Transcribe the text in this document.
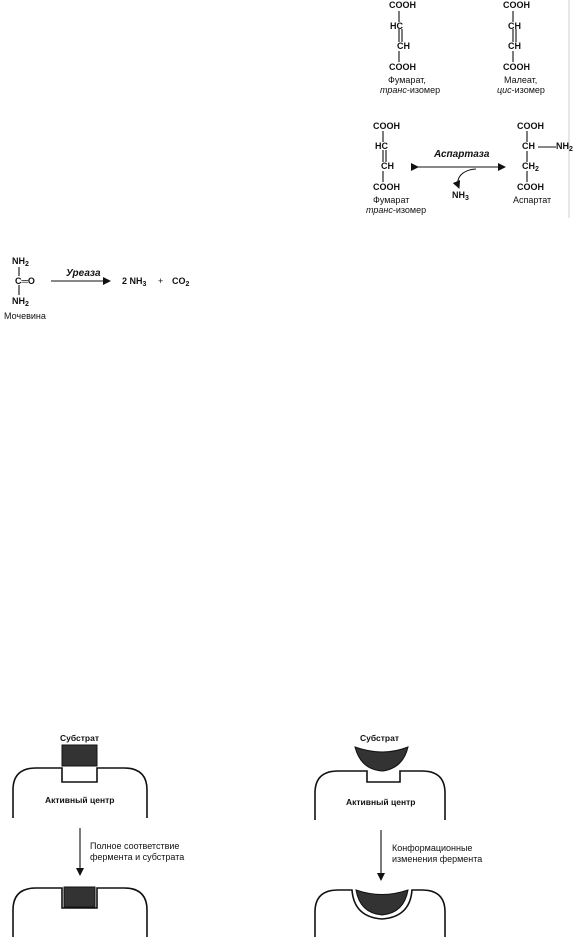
COOH
HC
CH
COOH
Фумарат,
транс-изомер
COOH
CH
CH
COOH
Малеат,
цис-изомер
COOH
HC
CH
COOH
Фумарат
транс-изомер
Аспартаза
$NH_3$
COOH
CH $NH_2$
$CH_2$
COOH
Аспартат
$NH_2$
C═O
$NH_2$
Мочевина
Уреаза
2 $NH_3 + CO_2$
Субстрат
Активный центр
Полное соответствие
фермента и субстрата
Субстрат
Активный центр
Конформационные
изменения фермента
